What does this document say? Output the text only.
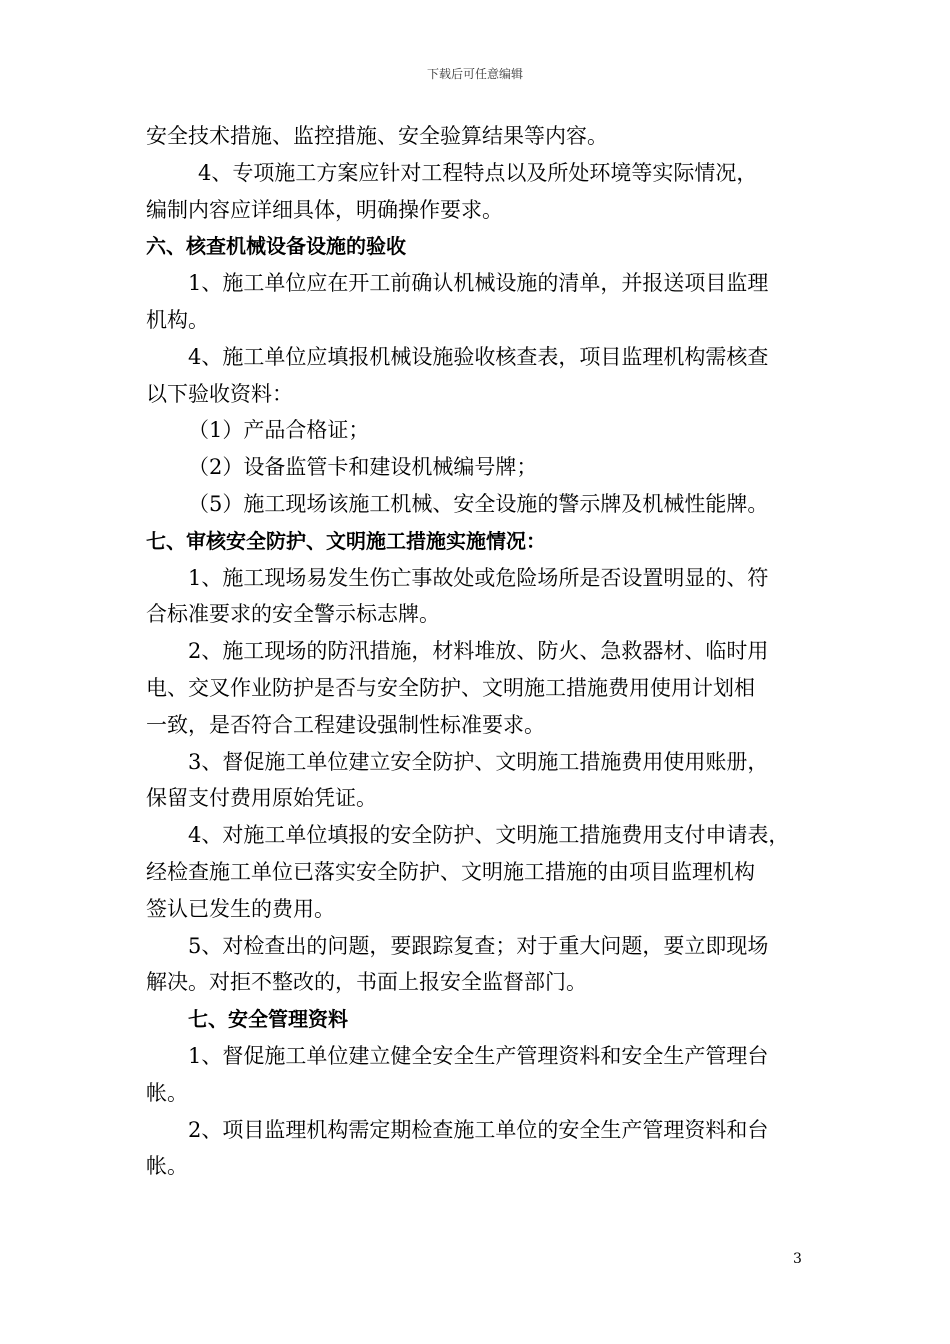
下载后可任意编辑
安全技术措施、监控措施、安全验算结果等内容。
4、专项施工方案应针对工程特点以及所处环境等实际情况，
编制内容应详细具体，明确操作要求。
六、核查机械设备设施的验收
1、施工单位应在开工前确认机械设施的清单，并报送项目监理
机构。
4、施工单位应填报机械设施验收核查表，项目监理机构需核查
以下验收资料：
（1）产品合格证；
（2）设备监管卡和建设机械编号牌；
（5）施工现场该施工机械、安全设施的警示牌及机械性能牌。
七、审核安全防护、文明施工措施实施情况：
1、施工现场易发生伤亡事故处或危险场所是否设置明显的、符
合标准要求的安全警示标志牌。
2、施工现场的防汛措施，材料堆放、防火、急救器材、临时用
电、交叉作业防护是否与安全防护、文明施工措施费用使用计划相
一致，是否符合工程建设强制性标准要求。
3、督促施工单位建立安全防护、文明施工措施费用使用账册，
保留支付费用原始凭证。
4、对施工单位填报的安全防护、文明施工措施费用支付申请表，
经检查施工单位已落实安全防护、文明施工措施的由项目监理机构
签认已发生的费用。
5、对检查出的问题，要跟踪复查；对于重大问题，要立即现场
解决。对拒不整改的，书面上报安全监督部门。
七、安全管理资料
1、督促施工单位建立健全安全生产管理资料和安全生产管理台
帐。
2、项目监理机构需定期检查施工单位的安全生产管理资料和台
帐。
3
